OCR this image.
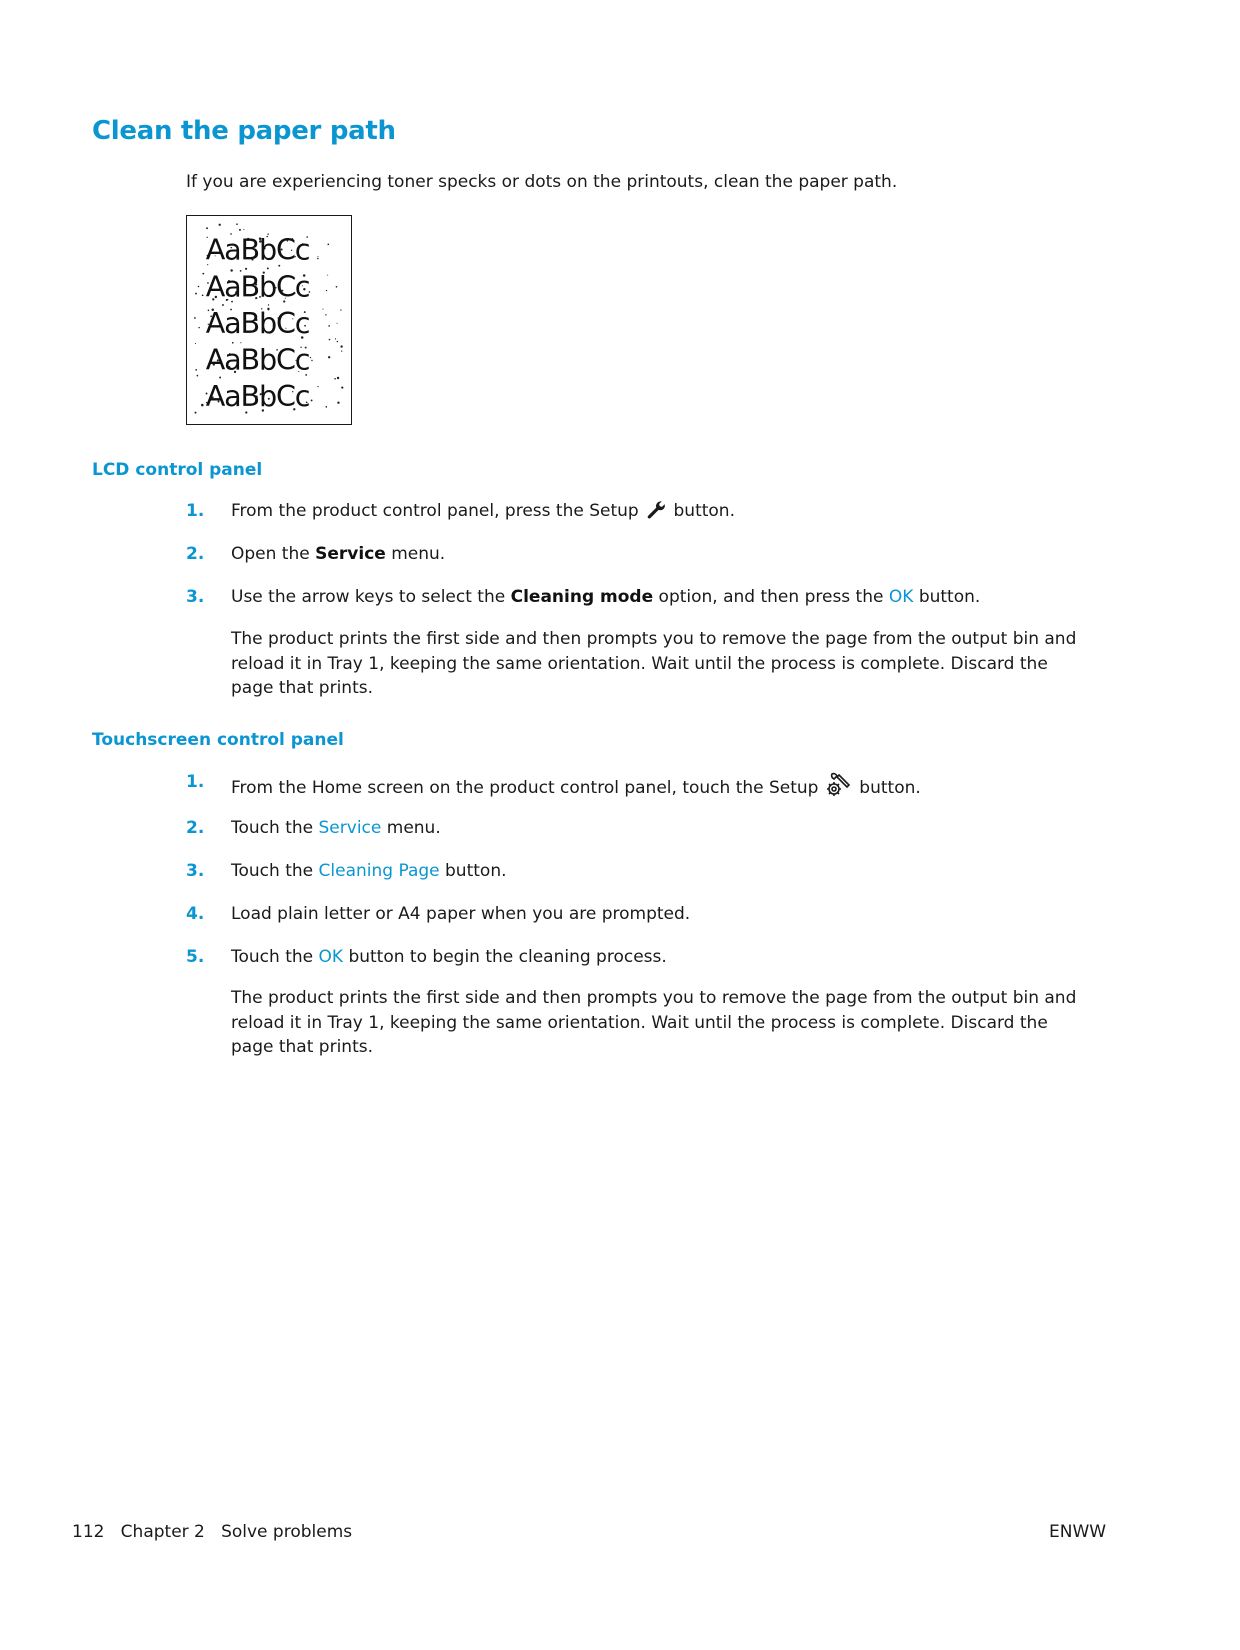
Clean the paper path

If you are experiencing toner specks or dots on the printouts, clean the paper path.

AaBbCc
AaBbCc
AaBbCc
AaBbCc
AaBbCc
LCD control panel
1.	From the product control panel, press the Setup button.
2.	Open the Service menu.
3.	Use the arrow keys to select the Cleaning mode option, and then press the OK button.

The product prints the first side and then prompts you to remove the page from the output bin and reload it in Tray 1, keeping the same orientation. Wait until the process is complete. Discard the page that prints.

Touchscreen control panel
1.	From the Home screen on the product control panel, touch the Setup button.
2.	Touch the Service menu.
3.	Touch the Cleaning Page button.
4.	Load plain letter or A4 paper when you are prompted.
5.	Touch the OK button to begin the cleaning process.

The product prints the first side and then prompts you to remove the page from the output bin and reload it in Tray 1, keeping the same orientation. Wait until the process is complete. Discard the page that prints.

112 Chapter 2 Solve problems	ENWW
